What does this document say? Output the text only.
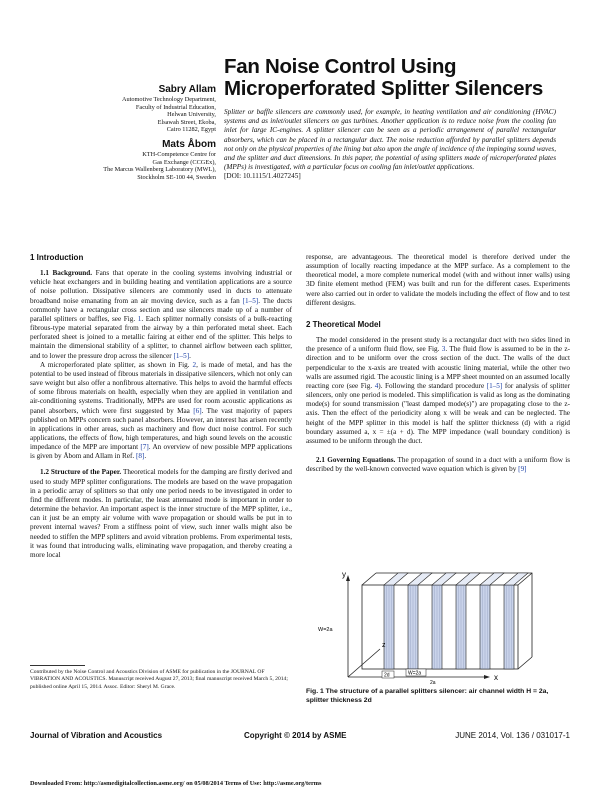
Sabry Allam
Automotive Technology Department,
Faculty of Industrial Education,
Helwan University,
Elsawah Street, Ekoba,
Cairo 11282, Egypt
Mats Åbom
KTH-Competence Centre for
Gas Exchange (CCGEx),
The Marcus Wallenberg Laboratory (MWL),
Stockholm SE-100 44, Sweden
Fan Noise Control Using
Microperforated Splitter Silencers
Splitter or baffle silencers are commonly used, for example, in heating ventilation and air conditioning (HVAC) systems and as inlet/outlet silencers on gas turbines. Another application is to reduce noise from the cooling fan inlet for large IC-engines. A splitter silencer can be seen as a periodic arrangement of parallel rectangular absorbers, which can be placed in a rectangular duct. The noise reduction afforded by parallel splitters depends not only on the physical properties of the lining but also upon the angle of incidence of the impinging sound waves, and the splitter and duct dimensions. In this paper, the potential of using splitters made of microperforated plates (MPPs) is investigated, with a particular focus on cooling fan inlet/outlet applications.
[DOI: 10.1115/1.4027245]
1 Introduction

1.1 Background. Fans that operate in the cooling systems involving industrial or vehicle heat exchangers and in building heating and ventilation applications are a source of noise pollution. Dissipative silencers are commonly used in ducts to attenuate broadband noise emanating from an air moving device, such as a fan [1–5]. The ducts commonly have a rectangular cross section and use silencers made up of a number of parallel splitters or baffles, see Fig. 1. Each splitter normally consists of a bulk-reacting fibrous-type material separated from the airway by a thin perforated metal sheet. Each perforated sheet is joined to a metallic fairing at either end of the splitter. This helps to maintain the dimensional stability of a splitter, to channel airflow between each splitter, and to lower the pressure drop across the silencer [1–5].

A microperforated plate splitter, as shown in Fig. 2, is made of metal, and has the potential to be used instead of fibrous materials in dissipative silencers, which not only can save weight but also offer a nonfibrous alternative. This helps to avoid the harmful effects of some fibrous materials on health, especially when they are applied in ventilation and air-conditioning systems. Traditionally, MPPs are used for room acoustic applications as panel absorbers, which were first suggested by Maa [6]. The vast majority of papers published on MPPs concern such panel absorbers. However, an interest has arisen recently in applications in other areas, such as machinery and flow duct noise control. For such applications, the effects of flow, high temperatures, and high sound levels on the acoustic impedance of the MPP are important [7]. An overview of new possible MPP applications is given by Åbom and Allam in Ref. [8].

1.2 Structure of the Paper. Theoretical models for the damping are firstly derived and used to study MPP splitter configurations. The models are based on the wave propagation in a periodic array of splitters so that only one period needs to be investigated in order to find the different modes. In particular, the least attenuated mode is important in order to determine the behavior. An important aspect is the inner structure of the MPP splitter, i.e., can it just be an empty air volume with wave propagation or should walls be put in to prevent internal waves? From a stiffness point of view, such inner walls might also be needed to stiffen the MPP splitters and avoid vibration problems. From experimental tests, it was found that introducing walls, eliminating wave propagation, and thereby creating a more local

Contributed by the Noise Control and Acoustics Division of ASME for publication in the JOURNAL OF VIBRATION AND ACOUSTICS. Manuscript received August 27, 2013; final manuscript received March 5, 2014; published online April 15, 2014. Assoc. Editor: Sheryl M. Grace.

response, are advantageous. The theoretical model is therefore derived under the assumption of locally reacting impedance at the MPP surface. As a complement to the theoretical model, a more complete numerical model (with and without inner walls) using 3D finite element method (FEM) was built and run for the different cases. Experiments were also carried out in order to validate the models including the effect of flow and to test different designs.

2 Theoretical Model

The model considered in the present study is a rectangular duct with two sides lined in the presence of a uniform fluid flow, see Fig. 3. The fluid flow is assumed to be in the z-direction and to be uniform over the cross section of the duct. The walls of the duct perpendicular to the x-axis are treated with acoustic lining material, while the other two walls are assumed rigid. The acoustic lining is a MPP sheet mounted on an assumed locally reacting core (see Fig. 4). Following the standard procedure [1–5] for analysis of splitter silencers, only one period is modeled. This simplification is valid as long as the dominating mode(s) for sound transmission ("least damped mode(s)") are propagating close to the z-axis. Then the effect of the periodicity along x will be weak and can be neglected. The height of the MPP splitter in this model is half the splitter thickness (d) with a rigid boundary assumed a, x = ±(a + d). The MPP impedance (wall boundary condition) is assumed to be uniform through the duct.

2.1 Governing Equations. The propagation of sound in a duct with a uniform flow is described by the well-known convected wave equation which is given by [9]

y
x
z
W=2a
2d	W=2a
2a
Fig. 1 The structure of a parallel splitters silencer: air channel width H = 2a, splitter thickness 2d
Journal of Vibration and Acoustics	Copyright © 2014 by ASME	JUNE 2014, Vol. 136 / 031017-1
Downloaded From: http://asmedigitalcollection.asme.org/ on 05/08/2014 Terms of Use: http://asme.org/terms
